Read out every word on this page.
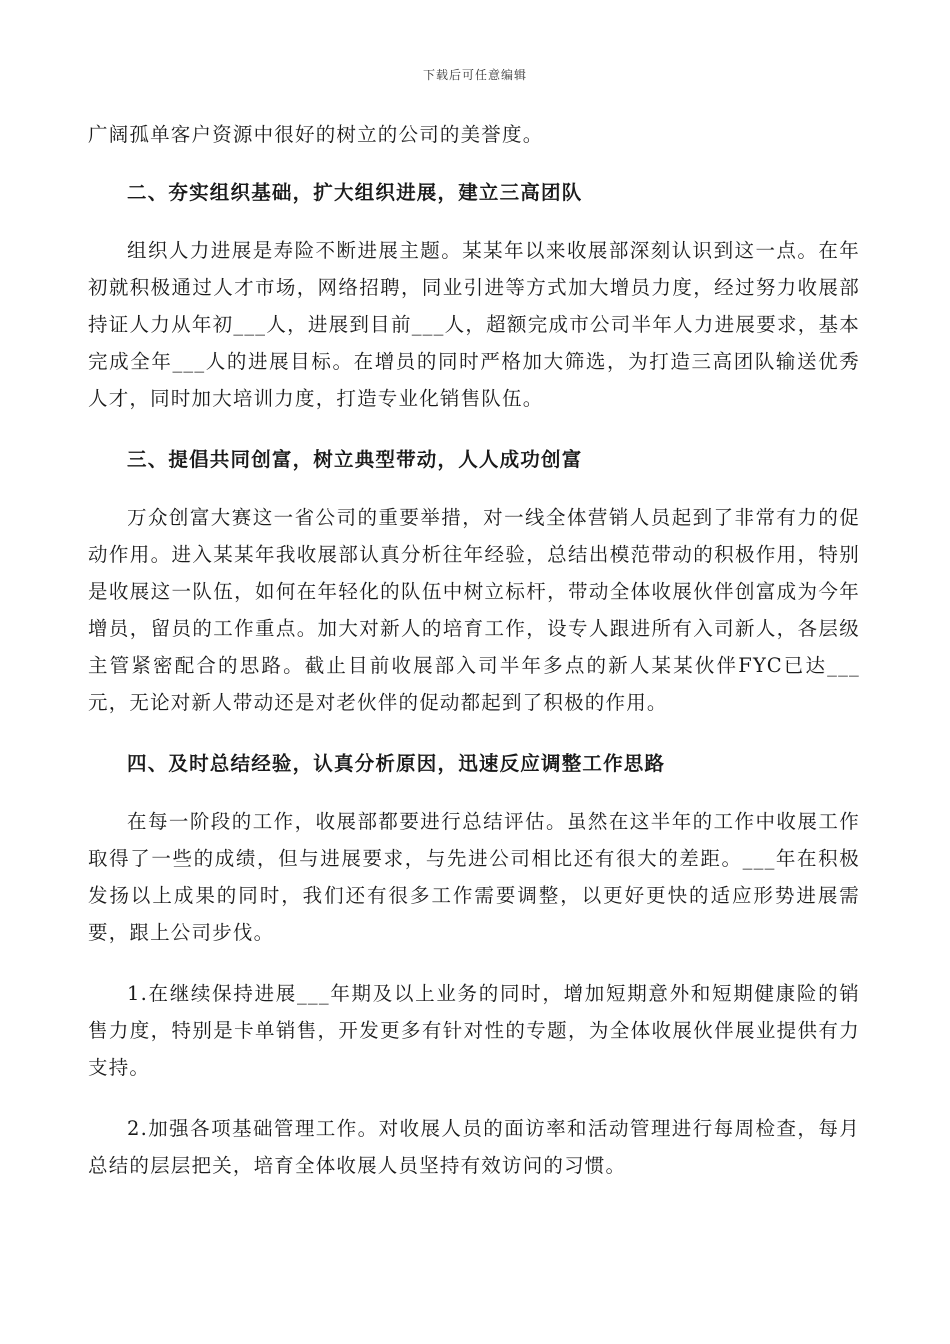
下载后可任意编辑

广阔孤单客户资源中很好的树立的公司的美誉度。

二、夯实组织基础，扩大组织进展，建立三高团队

组织人力进展是寿险不断进展主题。某某年以来收展部深刻认识到这一点。在年初就积极通过人才市场，网络招聘，同业引进等方式加大增员力度，经过努力收展部持证人力从年初___人，进展到目前___人，超额完成市公司半年人力进展要求，基本完成全年___人的进展目标。在增员的同时严格加大筛选，为打造三高团队输送优秀人才，同时加大培训力度，打造专业化销售队伍。

三、提倡共同创富，树立典型带动，人人成功创富

万众创富大赛这一省公司的重要举措，对一线全体营销人员起到了非常有力的促动作用。进入某某年我收展部认真分析往年经验，总结出模范带动的积极作用，特别是收展这一队伍，如何在年轻化的队伍中树立标杆，带动全体收展伙伴创富成为今年增员，留员的工作重点。加大对新人的培育工作，设专人跟进所有入司新人，各层级主管紧密配合的思路。截止目前收展部入司半年多点的新人某某伙伴FYC已达___元，无论对新人带动还是对老伙伴的促动都起到了积极的作用。

四、及时总结经验，认真分析原因，迅速反应调整工作思路

在每一阶段的工作，收展部都要进行总结评估。虽然在这半年的工作中收展工作取得了一些的成绩，但与进展要求，与先进公司相比还有很大的差距。___年在积极发扬以上成果的同时，我们还有很多工作需要调整，以更好更快的适应形势进展需要，跟上公司步伐。

1.在继续保持进展___年期及以上业务的同时，增加短期意外和短期健康险的销售力度，特别是卡单销售，开发更多有针对性的专题，为全体收展伙伴展业提供有力支持。

2.加强各项基础管理工作。对收展人员的面访率和活动管理进行每周检查，每月总结的层层把关，培育全体收展人员坚持有效访问的习惯。
